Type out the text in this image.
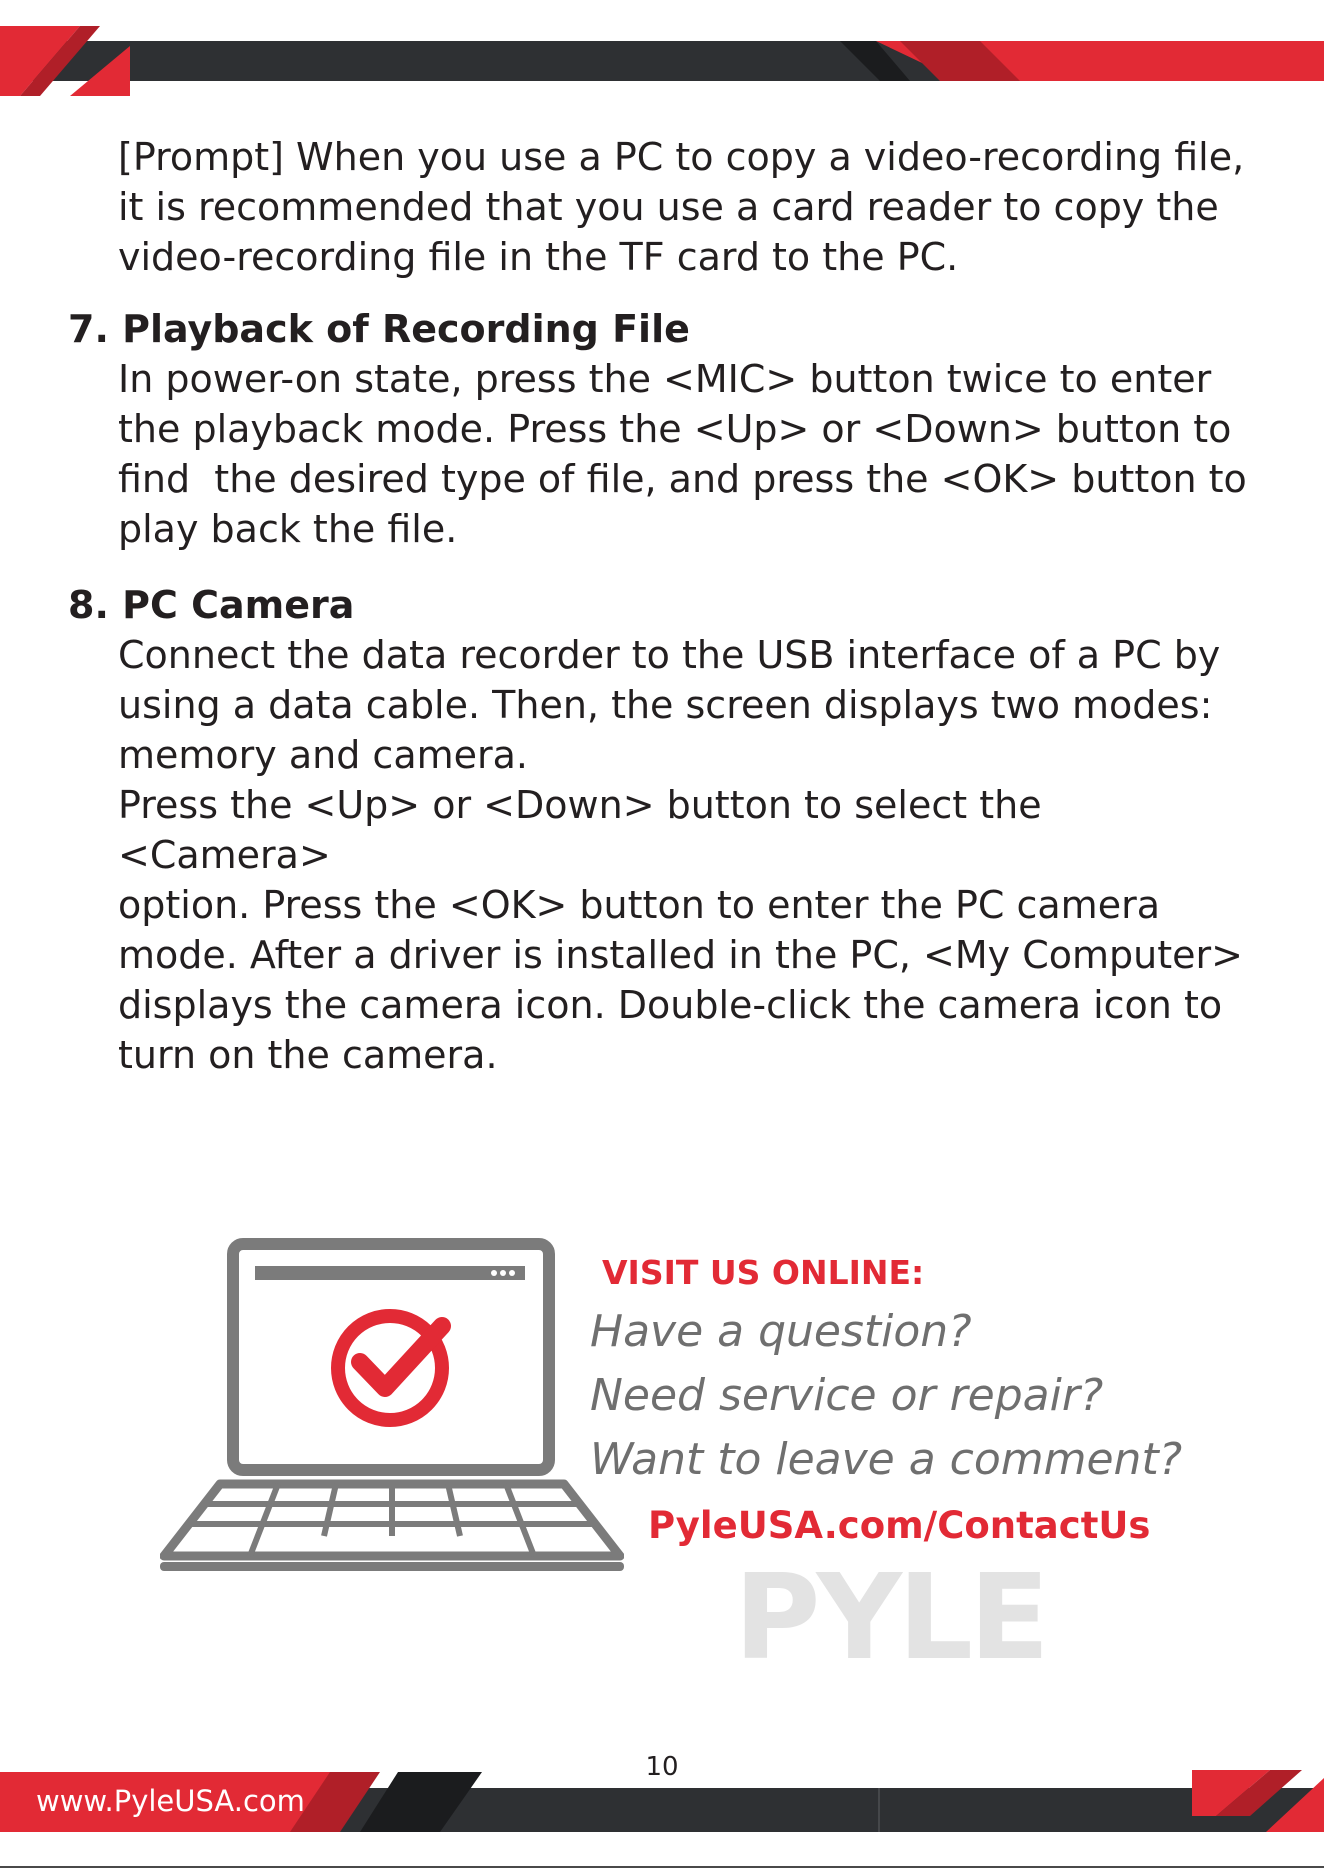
[Prompt] When you use a PC to copy a video-recording file,
it is recommended that you use a card reader to copy the
video-recording file in the TF card to the PC.

7. Playback of Recording File

In power-on state, press the <MIC> button twice to enter
the playback mode. Press the <Up> or <Down> button to
find  the desired type of file, and press the <OK> button to
play back the file.

8. PC Camera

Connect the data recorder to the USB interface of a PC by
using a data cable. Then, the screen displays two modes:
memory and camera.

Press the <Up> or <Down> button to select the <Camera>
option. Press the <OK> button to enter the PC camera
mode. After a driver is installed in the PC, <My Computer>
displays the camera icon. Double-click the camera icon to
turn on the camera.

VISIT US ONLINE:
Have a question?
Need service or repair?
Want to leave a comment?
PyleUSA.com/ContactUs
PYLE
10
www.PyleUSA.com
